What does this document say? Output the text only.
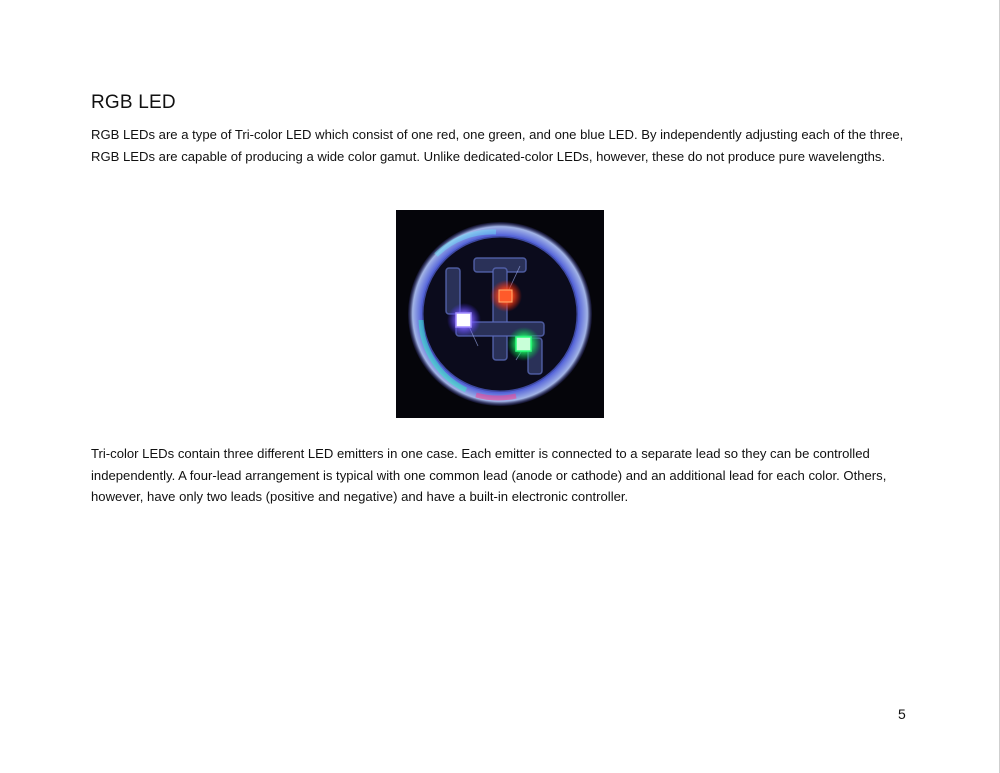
RGB LED

RGB LEDs are a type of Tri-color LED which consist of one red, one green, and one blue LED. By independently adjusting each of the three, RGB LEDs are capable of producing a wide color gamut. Unlike dedicated-color LEDs, however, these do not produce pure wavelengths.

Tri-color LEDs contain three different LED emitters in one case. Each emitter is connected to a separate lead so they can be controlled independently. A four-lead arrangement is typical with one common lead (anode or cathode) and an additional lead for each color. Others, however, have only two leads (positive and negative) and have a built-in electronic controller.

5
